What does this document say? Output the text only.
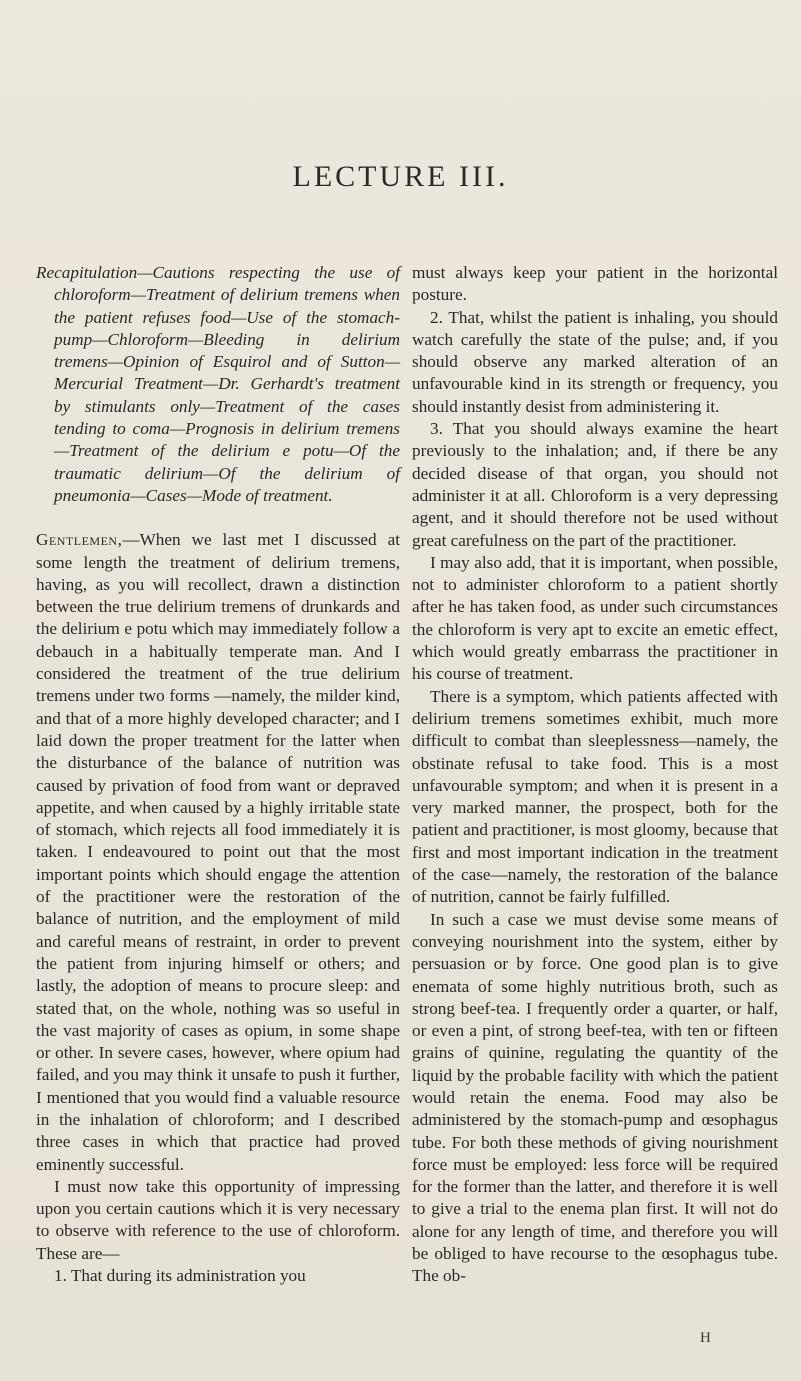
LECTURE III.
Recapitulation—Cautions respecting the use of chloroform—Treatment of delirium tremens when the patient refuses food—Use of the stomach-pump—Chloroform—Bleeding in delirium tremens—Opinion of Esquirol and of Sutton—Mercurial Treatment—Dr. Gerhardt's treatment by stimulants only—Treatment of the cases tending to coma—Prognosis in delirium tremens—Treatment of the delirium e potu—Of the traumatic delirium—Of the delirium of pneumonia—Cases—Mode of treatment.

Gentlemen,—When we last met I discussed at some length the treatment of delirium tremens, having, as you will recollect, drawn a distinction between the true delirium tremens of drunkards and the delirium e potu which may immediately follow a debauch in a habitually temperate man. And I considered the treatment of the true delirium tremens under two forms —namely, the milder kind, and that of a more highly developed character; and I laid down the proper treatment for the latter when the disturbance of the balance of nutrition was caused by privation of food from want or depraved appetite, and when caused by a highly irritable state of stomach, which rejects all food immediately it is taken. I endeavoured to point out that the most important points which should engage the attention of the practitioner were the restoration of the balance of nutrition, and the employment of mild and careful means of restraint, in order to prevent the patient from injuring himself or others; and lastly, the adoption of means to procure sleep: and stated that, on the whole, nothing was so useful in the vast majority of cases as opium, in some shape or other. In severe cases, however, where opium had failed, and you may think it unsafe to push it further, I mentioned that you would find a valuable resource in the inhalation of chloroform; and I described three cases in which that practice had proved eminently successful.

I must now take this opportunity of impressing upon you certain cautions which it is very necessary to observe with reference to the use of chloroform. These are—

1. That during its administration you

must always keep your patient in the horizontal posture.

2. That, whilst the patient is inhaling, you should watch carefully the state of the pulse; and, if you should observe any marked alteration of an unfavourable kind in its strength or frequency, you should instantly desist from administering it.

3. That you should always examine the heart previously to the inhalation; and, if there be any decided disease of that organ, you should not administer it at all. Chloroform is a very depressing agent, and it should therefore not be used without great carefulness on the part of the practitioner.

I may also add, that it is important, when possible, not to administer chloroform to a patient shortly after he has taken food, as under such circumstances the chloroform is very apt to excite an emetic effect, which would greatly embarrass the practitioner in his course of treatment.

There is a symptom, which patients affected with delirium tremens sometimes exhibit, much more difficult to combat than sleeplessness—namely, the obstinate refusal to take food. This is a most unfavourable symptom; and when it is present in a very marked manner, the prospect, both for the patient and practitioner, is most gloomy, because that first and most important indication in the treatment of the case—namely, the restoration of the balance of nutrition, cannot be fairly fulfilled.

In such a case we must devise some means of conveying nourishment into the system, either by persuasion or by force. One good plan is to give enemata of some highly nutritious broth, such as strong beef-tea. I frequently order a quarter, or half, or even a pint, of strong beef-tea, with ten or fifteen grains of quinine, regulating the quantity of the liquid by the probable facility with which the patient would retain the enema. Food may also be administered by the stomach-pump and œsophagus tube. For both these methods of giving nourishment force must be employed: less force will be required for the former than the latter, and therefore it is well to give a trial to the enema plan first. It will not do alone for any length of time, and therefore you will be obliged to have recourse to the œsophagus tube. The ob-

H
